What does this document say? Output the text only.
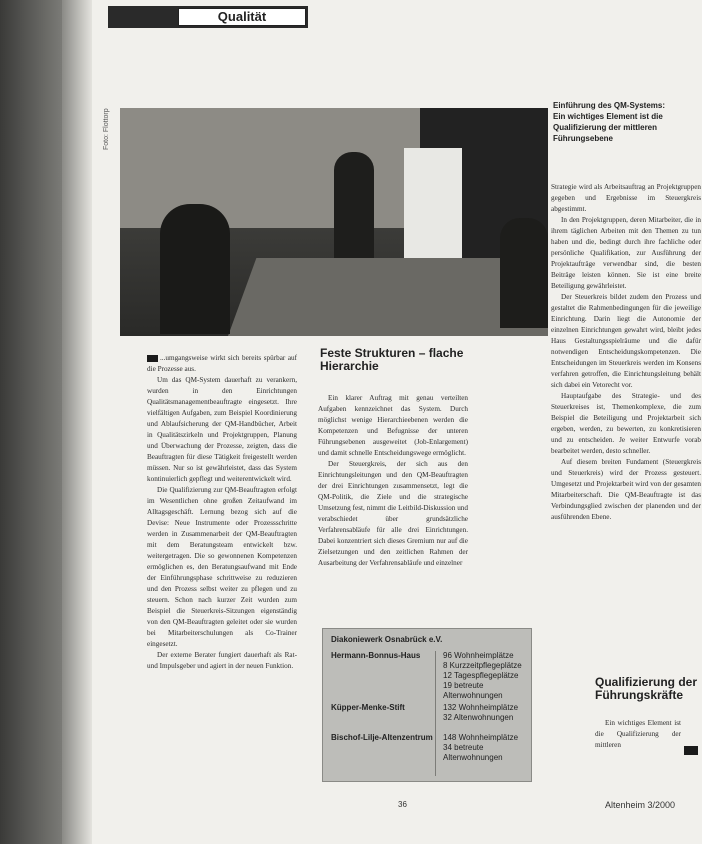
Qualität
Foto: Flottorp
Einführung des QM-Systems:
Ein wichtiges Element ist die
Qualifizierung der mittleren
Führungsebene

...umgangsweise wirkt sich bereits spürbar auf die Prozesse aus.

Um das QM-System dauerhaft zu verankern, wurden in den Einrichtungen Qualitätsmanagementbeauftragte eingesetzt. Ihre vielfältigen Aufgaben, zum Beispiel Koordinierung und Ablaufsicherung der QM-Handbücher, Arbeit in Qualitätszirkeln und Projektgruppen, Planung und Überwachung der Prozesse, zeigten, dass die Beauftragten für diese Tätigkeit freigestellt werden müssen. Nur so ist gewährleistet, dass das System kontinuierlich gepflegt und weiterentwickelt wird.

Die Qualifizierung zur QM-Beauftragten erfolgt im Wesentlichen ohne großen Zeitaufwand im Alltagsgeschäft. Lernung bezog sich auf die Devise: Neue Instrumente oder Prozessschritte werden in Zusammenarbeit der QM-Beauftragten mit dem Beratungsteam entwickelt bzw. weitergetragen. Die so gewonnenen Kompetenzen ermöglichen es, den Beratungsaufwand mit Ende der Einführungsphase schrittweise zu reduzieren und den Prozess selbst weiter zu pflegen und zu steuern. Schon nach kurzer Zeit wurden zum Beispiel die Steuerkreis-Sitzungen eigenständig von den QM-Beauftragten geleitet oder sie wurden bei Mitarbeiterschulungen als Co-Trainer eingesetzt.

Der externe Berater fungiert dauerhaft als Rat- und Impulsgeber und agiert in der neuen Funktion.

Feste Strukturen – flache Hierarchie

Ein klarer Auftrag mit genau verteilten Aufgaben kennzeichnet das System. Durch möglichst wenige Hierarchieebenen werden die Kompetenzen und Befugnisse der unteren Führungsebenen ausgeweitet (Job-Enlargement) und damit schnelle Entscheidungswege ermöglicht.

Der Steuergkreis, der sich aus den Einrichtungsleitungen und den QM-Beauftragten der drei Einrichtungen zusammensetzt, legt die QM-Politik, die Ziele und die strategische Umsetzung fest, nimmt die Leitbild-Diskussion und verabschiedet über grundsätzliche Verfahrensabläufe für alle drei Einrichtungen. Dabei konzentriert sich dieses Gremium nur auf die Zielsetzungen und den zeitlichen Rahmen der Ausarbeitung der Verfahrensabläufe und einzelner

Strategie wird als Arbeitsauftrag an Projektgruppen gegeben und Ergebnisse im Steuergkreis abgestimmt.

In den Projektgruppen, deren Mitarbeiter, die in ihrem täglichen Arbeiten mit den Themen zu tun haben und die, bedingt durch ihre fachliche oder persönliche Qualifikation, zur Ausführung der Projektaufträge verwendbar sind, die besten Beiträge leisten können. Sie ist eine breite Beteiligung gewährleistet.

Der Steuerkreis bildet zudem den Prozess und gestaltet die Rahmenbedingungen für die jeweilige Einrichtung. Darin liegt die Autonomie der einzelnen Einrichtungen gewahrt wird, bleibt jedes Haus Gestaltungsspielräume und die dafür notwendigen Entscheidungskompetenzen. Die Entscheidungen im Steuerkreis werden im Konsens verfahren getroffen, die Einrichtungsleitung behält sich dabei ein Vetorecht vor.

Hauptaufgabe des Strategie- und des Steuerkreises ist, Themenkomplexe, die zum Beispiel die Beteiligung und Projektarbeit sich ergeben, werden, zu bewerten, zu konkretisieren und zu entscheiden. Je weiter Entwurfe vorab bearbeitet werden, desto schneller.

Auf diesem breiten Fundament (Steuergkreis und Steuerkreis) wird der Prozess gesteuert. Umgesetzt und Projektarbeit wird von der gesamten Mitarbeiterschaft. Die QM-Beauftragte ist das Verbindungsglied zwischen der planenden und der ausführenden Ebene.

Qualifizierung der Führungskräfte

Ein wichtiges Element ist die Qualifizierung der mittleren

Diakoniewerk Osnabrück e.V.
Hermann-Bonnus-Haus	96 Wohnheimplätze
8 Kurzzeitpflegeplätze
12 Tagespflegeplätze
19 betreute Altenwohnungen
Küpper-Menke-Stift	132 Wohnheimplätze
32 Altenwohnungen
Bischof-Lilje-Altenzentrum	148 Wohnheimplätze
34 betreute Altenwohnungen
36	Altenheim 3/2000
